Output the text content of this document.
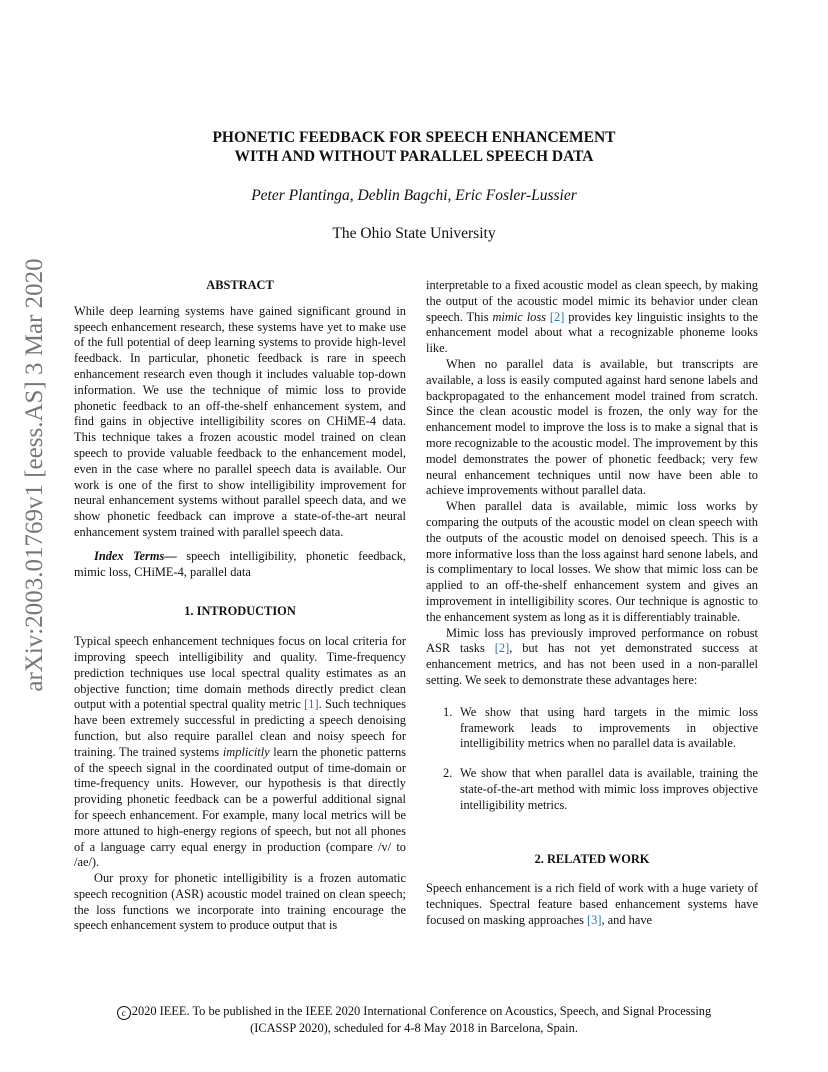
PHONETIC FEEDBACK FOR SPEECH ENHANCEMENT
WITH AND WITHOUT PARALLEL SPEECH DATA
Peter Plantinga, Deblin Bagchi, Eric Fosler-Lussier
The Ohio State University
arXiv:2003.01769v1 [eess.AS] 3 Mar 2020	ABSTRACT

While deep learning systems have gained significant ground in speech enhancement research, these systems have yet to make use of the full potential of deep learning systems to provide high-level feedback. In particular, phonetic feedback is rare in speech enhancement research even though it includes valuable top-down information. We use the technique of mimic loss to provide phonetic feedback to an off-the-shelf enhancement system, and find gains in objective intelligibility scores on CHiME-4 data. This technique takes a frozen acoustic model trained on clean speech to provide valuable feedback to the enhancement model, even in the case where no parallel speech data is available. Our work is one of the first to show intelligibility improvement for neural enhancement systems without parallel speech data, and we show phonetic feedback can improve a state-of-the-art neural enhancement system trained with parallel speech data.

Index Terms— speech intelligibility, phonetic feedback, mimic loss, CHiME-4, parallel data

1. INTRODUCTION

Typical speech enhancement techniques focus on local criteria for improving speech intelligibility and quality. Time-frequency prediction techniques use local spectral quality estimates as an objective function; time domain methods directly predict clean output with a potential spectral quality metric [1]. Such techniques have been extremely successful in predicting a speech denoising function, but also require parallel clean and noisy speech for training. The trained systems implicitly learn the phonetic patterns of the speech signal in the coordinated output of time-domain or time-frequency units. However, our hypothesis is that directly providing phonetic feedback can be a powerful additional signal for speech enhancement. For example, many local metrics will be more attuned to high-energy regions of speech, but not all phones of a language carry equal energy in production (compare /v/ to /ae/).

Our proxy for phonetic intelligibility is a frozen automatic speech recognition (ASR) acoustic model trained on clean speech; the loss functions we incorporate into training encourage the speech enhancement system to produce output that is

interpretable to a fixed acoustic model as clean speech, by making the output of the acoustic model mimic its behavior under clean speech. This mimic loss [2] provides key linguistic insights to the enhancement model about what a recognizable phoneme looks like.

When no parallel data is available, but transcripts are available, a loss is easily computed against hard senone labels and backpropagated to the enhancement model trained from scratch. Since the clean acoustic model is frozen, the only way for the enhancement model to improve the loss is to make a signal that is more recognizable to the acoustic model. The improvement by this model demonstrates the power of phonetic feedback; very few neural enhancement techniques until now have been able to achieve improvements without parallel data.

When parallel data is available, mimic loss works by comparing the outputs of the acoustic model on clean speech with the outputs of the acoustic model on denoised speech. This is a more informative loss than the loss against hard senone labels, and is complimentary to local losses. We show that mimic loss can be applied to an off-the-shelf enhancement system and gives an improvement in intelligibility scores. Our technique is agnostic to the enhancement system as long as it is differentiably trainable.

Mimic loss has previously improved performance on robust ASR tasks [2], but has not yet demonstrated success at enhancement metrics, and has not been used in a non-parallel setting. We seek to demonstrate these advantages here:

1. We show that using hard targets in the mimic loss framework leads to improvements in objective intelligibility metrics when no parallel data is available.
2. We show that when parallel data is available, training the state-of-the-art method with mimic loss improves objective intelligibility metrics.

2. RELATED WORK

Speech enhancement is a rich field of work with a huge variety of techniques. Spectral feature based enhancement systems have focused on masking approaches [3], and have

c 2020 IEEE. To be published in the IEEE 2020 International Conference on Acoustics, Speech, and Signal Processing
(ICASSP 2020), scheduled for 4-8 May 2018 in Barcelona, Spain.
